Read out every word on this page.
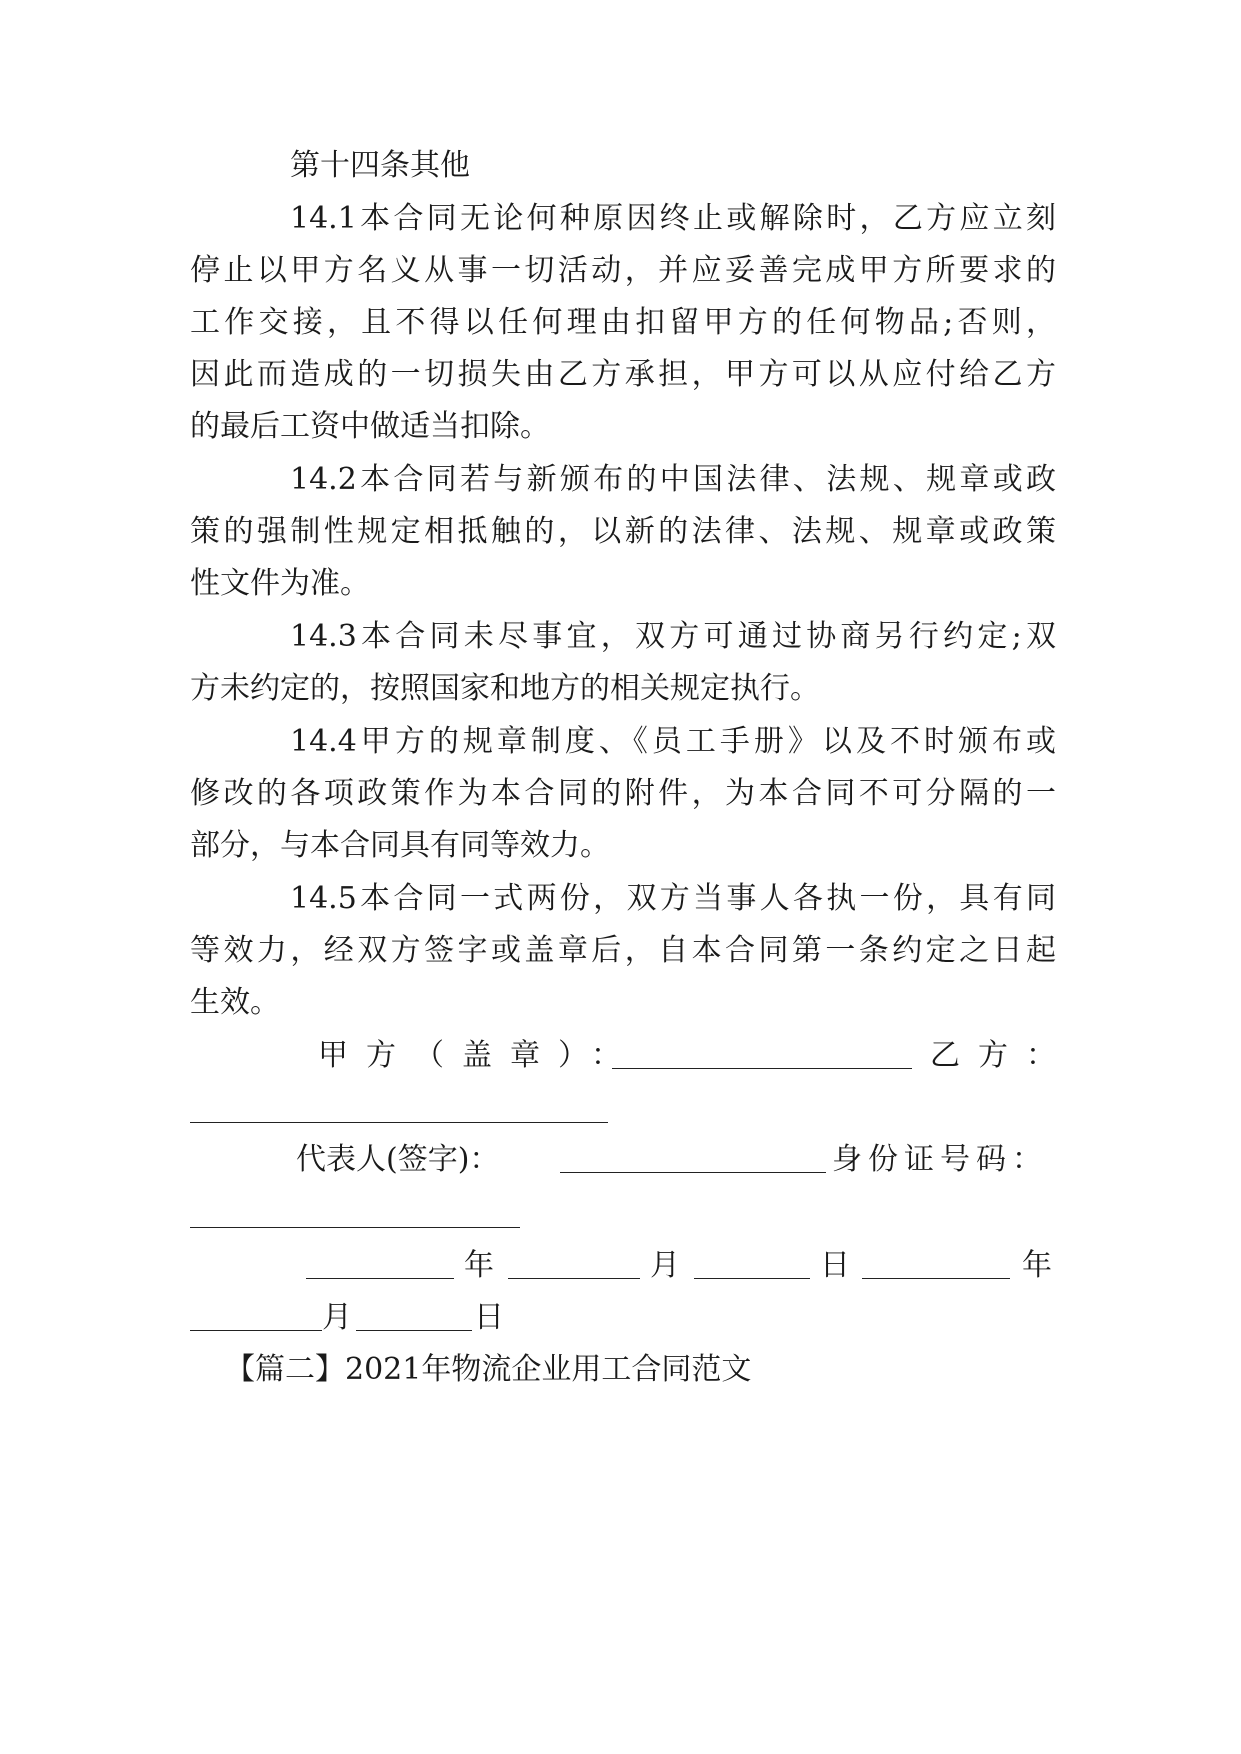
第十四条其他
14.1本合同无论何种原因终止或解除时，乙方应立刻
停止以甲方名义从事一切活动，并应妥善完成甲方所要求的
工作交接，且不得以任何理由扣留甲方的任何物品;否则，
因此而造成的一切损失由乙方承担，甲方可以从应付给乙方
的最后工资中做适当扣除。
14.2本合同若与新颁布的中国法律、法规、规章或政
策的强制性规定相抵触的，以新的法律、法规、规章或政策
性文件为准。
14.3本合同未尽事宜，双方可通过协商另行约定;双
方未约定的，按照国家和地方的相关规定执行。
14.4甲方的规章制度、《员工手册》以及不时颁布或
修改的各项政策作为本合同的附件，为本合同不可分隔的一
部分，与本合同具有同等效力。
14.5本合同一式两份，双方当事人各执一份，具有同
等效力，经双方签字或盖章后，自本合同第一条约定之日起
生效。
甲方（盖章）：	乙方：
代表人(签字)：	身份证号码：
年	月	日	年
月	日
【篇二】2021年物流企业用工合同范文
